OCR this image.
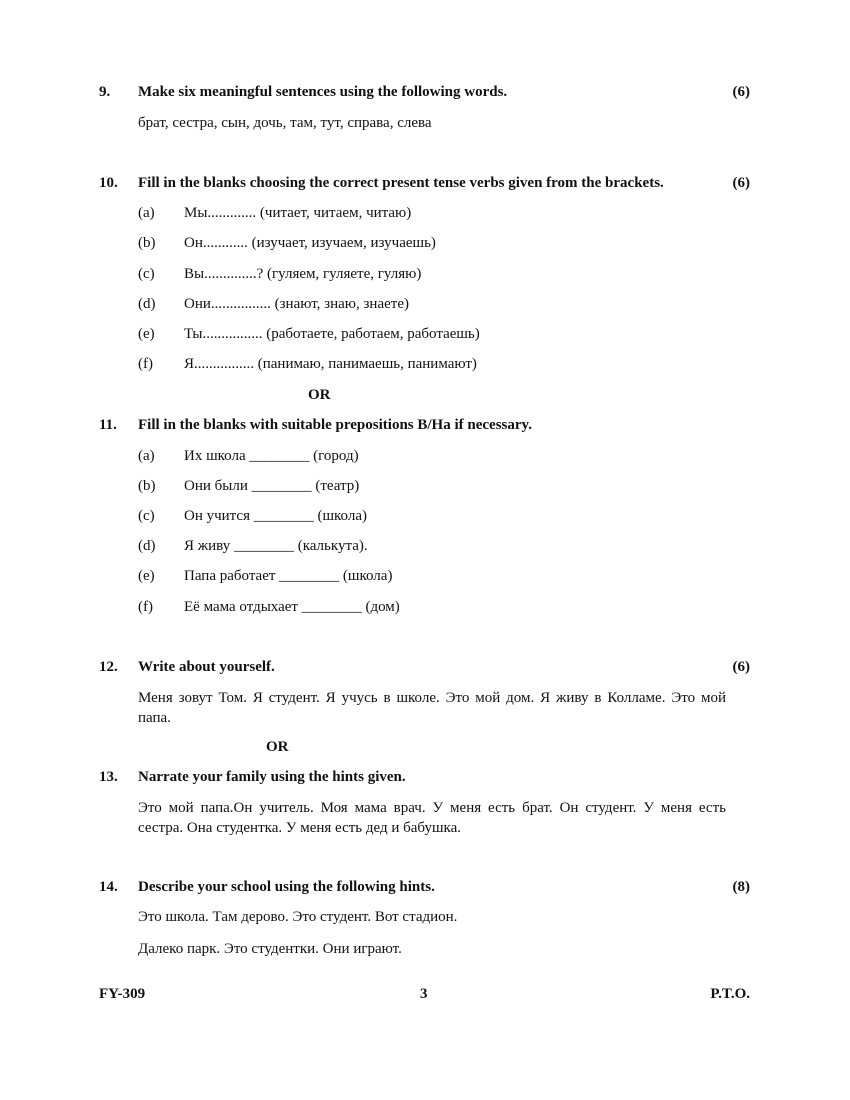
9. Make six meaningful sentences using the following words.	(6)
брат, сестра, сын, дочь, там, тут, справа, слева
10. Fill in the blanks choosing the correct present tense verbs given from the brackets.	(6)
(a) Мы............. (читает, читаем, читаю)
(b) Он............ (изучает, изучаем, изучаешь)
(c) Вы..............? (гуляем, гуляете, гуляю)
(d) Они................ (знают, знаю, знаете)
(e) Ты................ (работаете, работаем, работаешь)
(f) Я................ (панимаю, панимаешь, панимают)
OR
11. Fill in the blanks with suitable prepositions В/На if necessary.
(a) Их школа ________ (город)
(b) Они были ________ (театр)
(c) Он учится ________ (школа)
(d) Я живу ________ (калькута).
(e) Папа работает ________ (школа)
(f) Её мама отдыхает ________ (дом)
12. Write about yourself.	(6)
Меня зовут Том. Я студент. Я учусь в школе. Это мой дом. Я живу в Колламе. Это мой папа.
OR
13. Narrate your family using the hints given.
Это мой папа.Он учитель. Моя мама врач. У меня есть брат. Он студент. У меня есть сестра. Она студентка. У меня есть дед и бабушка.
14. Describe your school using the following hints.	(8)
Это школа. Там дерово. Это студент. Вот стадион.
Далеко парк. Это студентки. Они играют.
FY-309	3	P.T.O.
